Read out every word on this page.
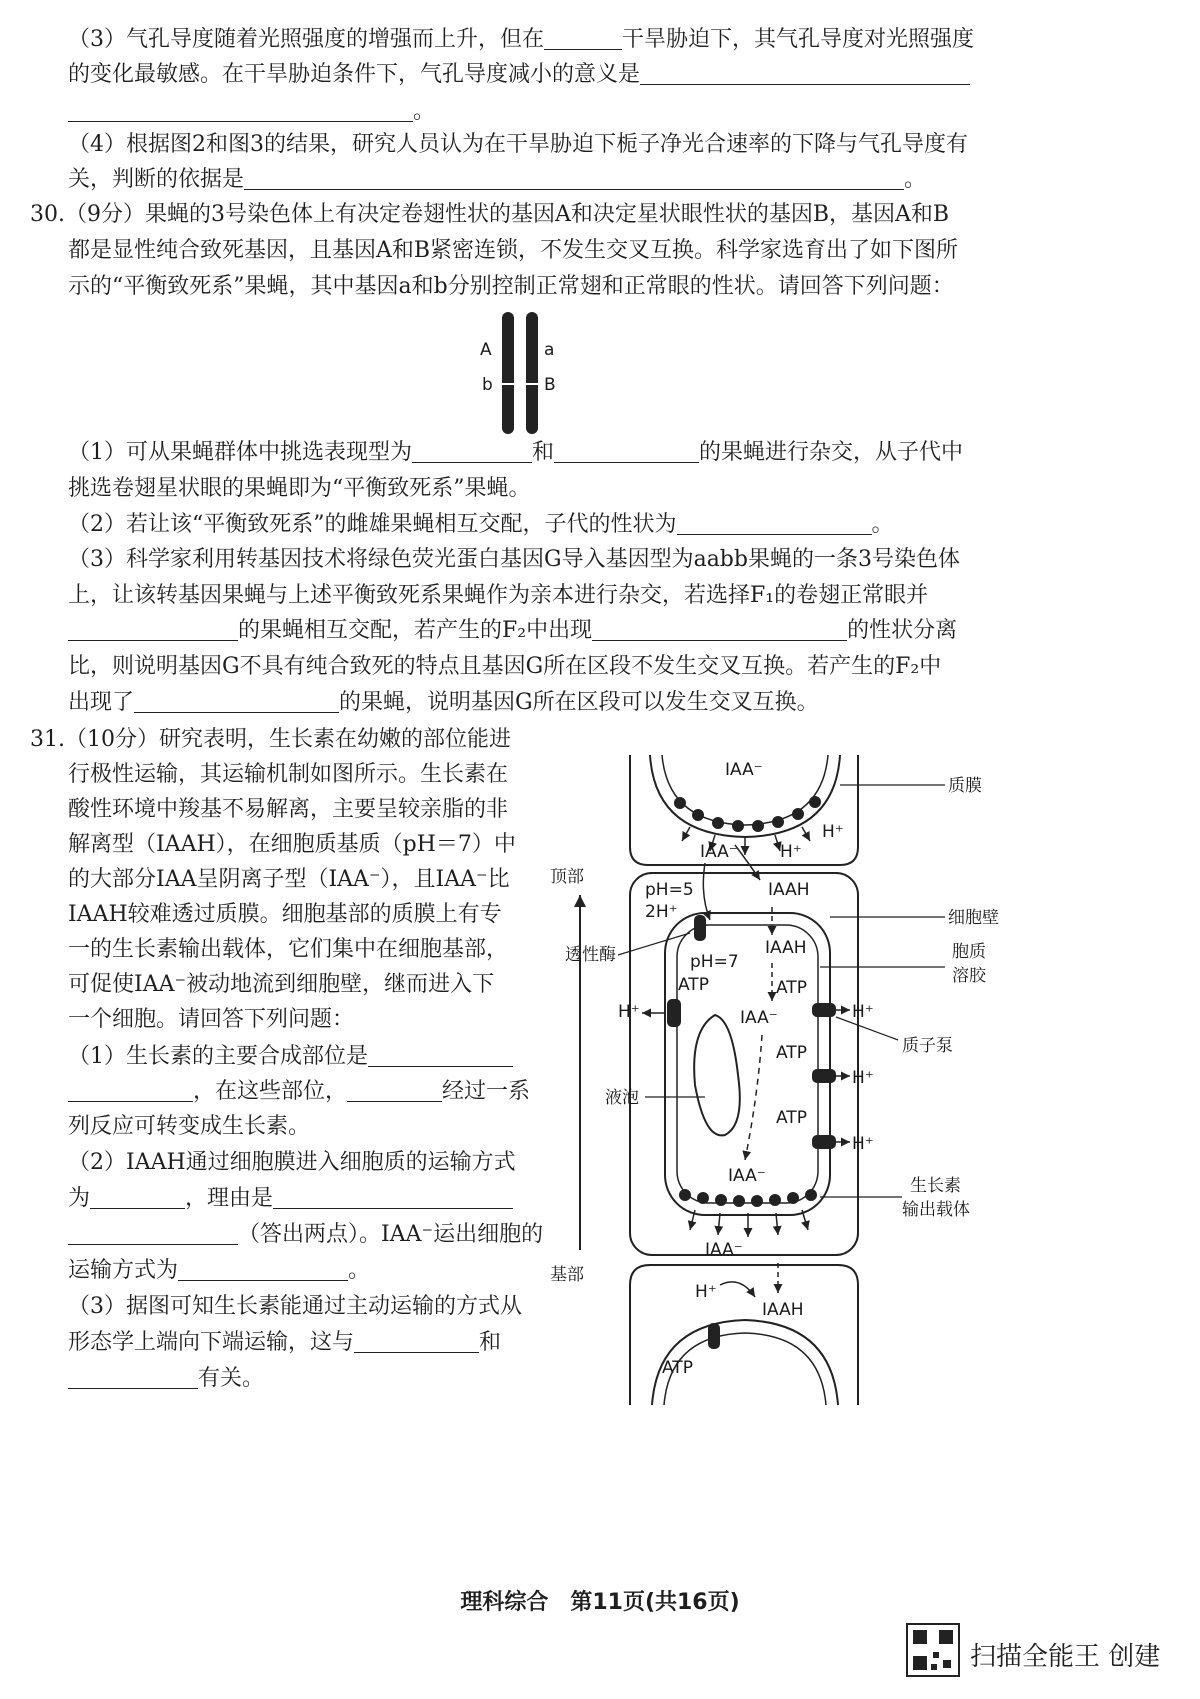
（3）气孔导度随着光照强度的增强而上升，但在	干旱胁迫下，其气孔导度对光照强度
的变化最敏感。在干旱胁迫条件下，气孔导度减小的意义是
。
（4）根据图2和图3的结果，研究人员认为在干旱胁迫下栀子净光合速率的下降与气孔导度有
关，判断的依据是	。
30.（9分）果蝇的3号染色体上有决定卷翅性状的基因A和决定星状眼性状的基因B，基因A和B
都是显性纯合致死基因，且基因A和B紧密连锁，不发生交叉互换。科学家选育出了如下图所
示的“平衡致死系”果蝇，其中基因a和b分别控制正常翅和正常眼的性状。请回答下列问题：
A
b
a
B
（1）可从果蝇群体中挑选表现型为	和	的果蝇进行杂交，从子代中
挑选卷翅星状眼的果蝇即为“平衡致死系”果蝇。
（2）若让该“平衡致死系”的雌雄果蝇相互交配，子代的性状为	。
（3）科学家利用转基因技术将绿色荧光蛋白基因G导入基因型为aabb果蝇的一条3号染色体
上，让该转基因果蝇与上述平衡致死系果蝇作为亲本进行杂交，若选择F₁的卷翅正常眼并
的果蝇相互交配，若产生的F₂中出现	的性状分离
比，则说明基因G不具有纯合致死的特点且基因G所在区段不发生交叉互换。若产生的F₂中
出现了	的果蝇，说明基因G所在区段可以发生交叉互换。
31.（10分）研究表明，生长素在幼嫩的部位能进
行极性运输，其运输机制如图所示。生长素在
酸性环境中羧基不易解离，主要呈较亲脂的非
解离型（IAAH），在细胞质基质（pH＝7）中
的大部分IAA呈阴离子型（IAA⁻），且IAA⁻比
IAAH较难透过质膜。细胞基部的质膜上有专
一的生长素输出载体，它们集中在细胞基部，
可促使IAA⁻被动地流到细胞壁，继而进入下
一个细胞。请回答下列问题：
（1）生长素的主要合成部位是
，在这些部位，	经过一系
列反应可转变成生长素。
（2）IAAH通过细胞膜进入细胞质的运输方式
为	，理由是
（答出两点）。IAA⁻运出细胞的
运输方式为	。
（3）据图可知生长素能通过主动运输的方式从
形态学上端向下端运输，这与	和
有关。
顶部
基部
IAA⁻
H⁺
IAA⁻ H⁺
质膜
pH=5
2H⁺
IAAH
pH=7
IAAH
IAA⁻
透性酶
ATP
H⁺
ATP
ATP
ATP
H⁺
H⁺
H⁺
IAA⁻
IAA⁻
细胞壁
胞质
溶胶
质子泵
液泡
生长素
输出载体
H⁺
IAAH
ATP
理科综合　第11页(共16页)
扫描全能王 创建
